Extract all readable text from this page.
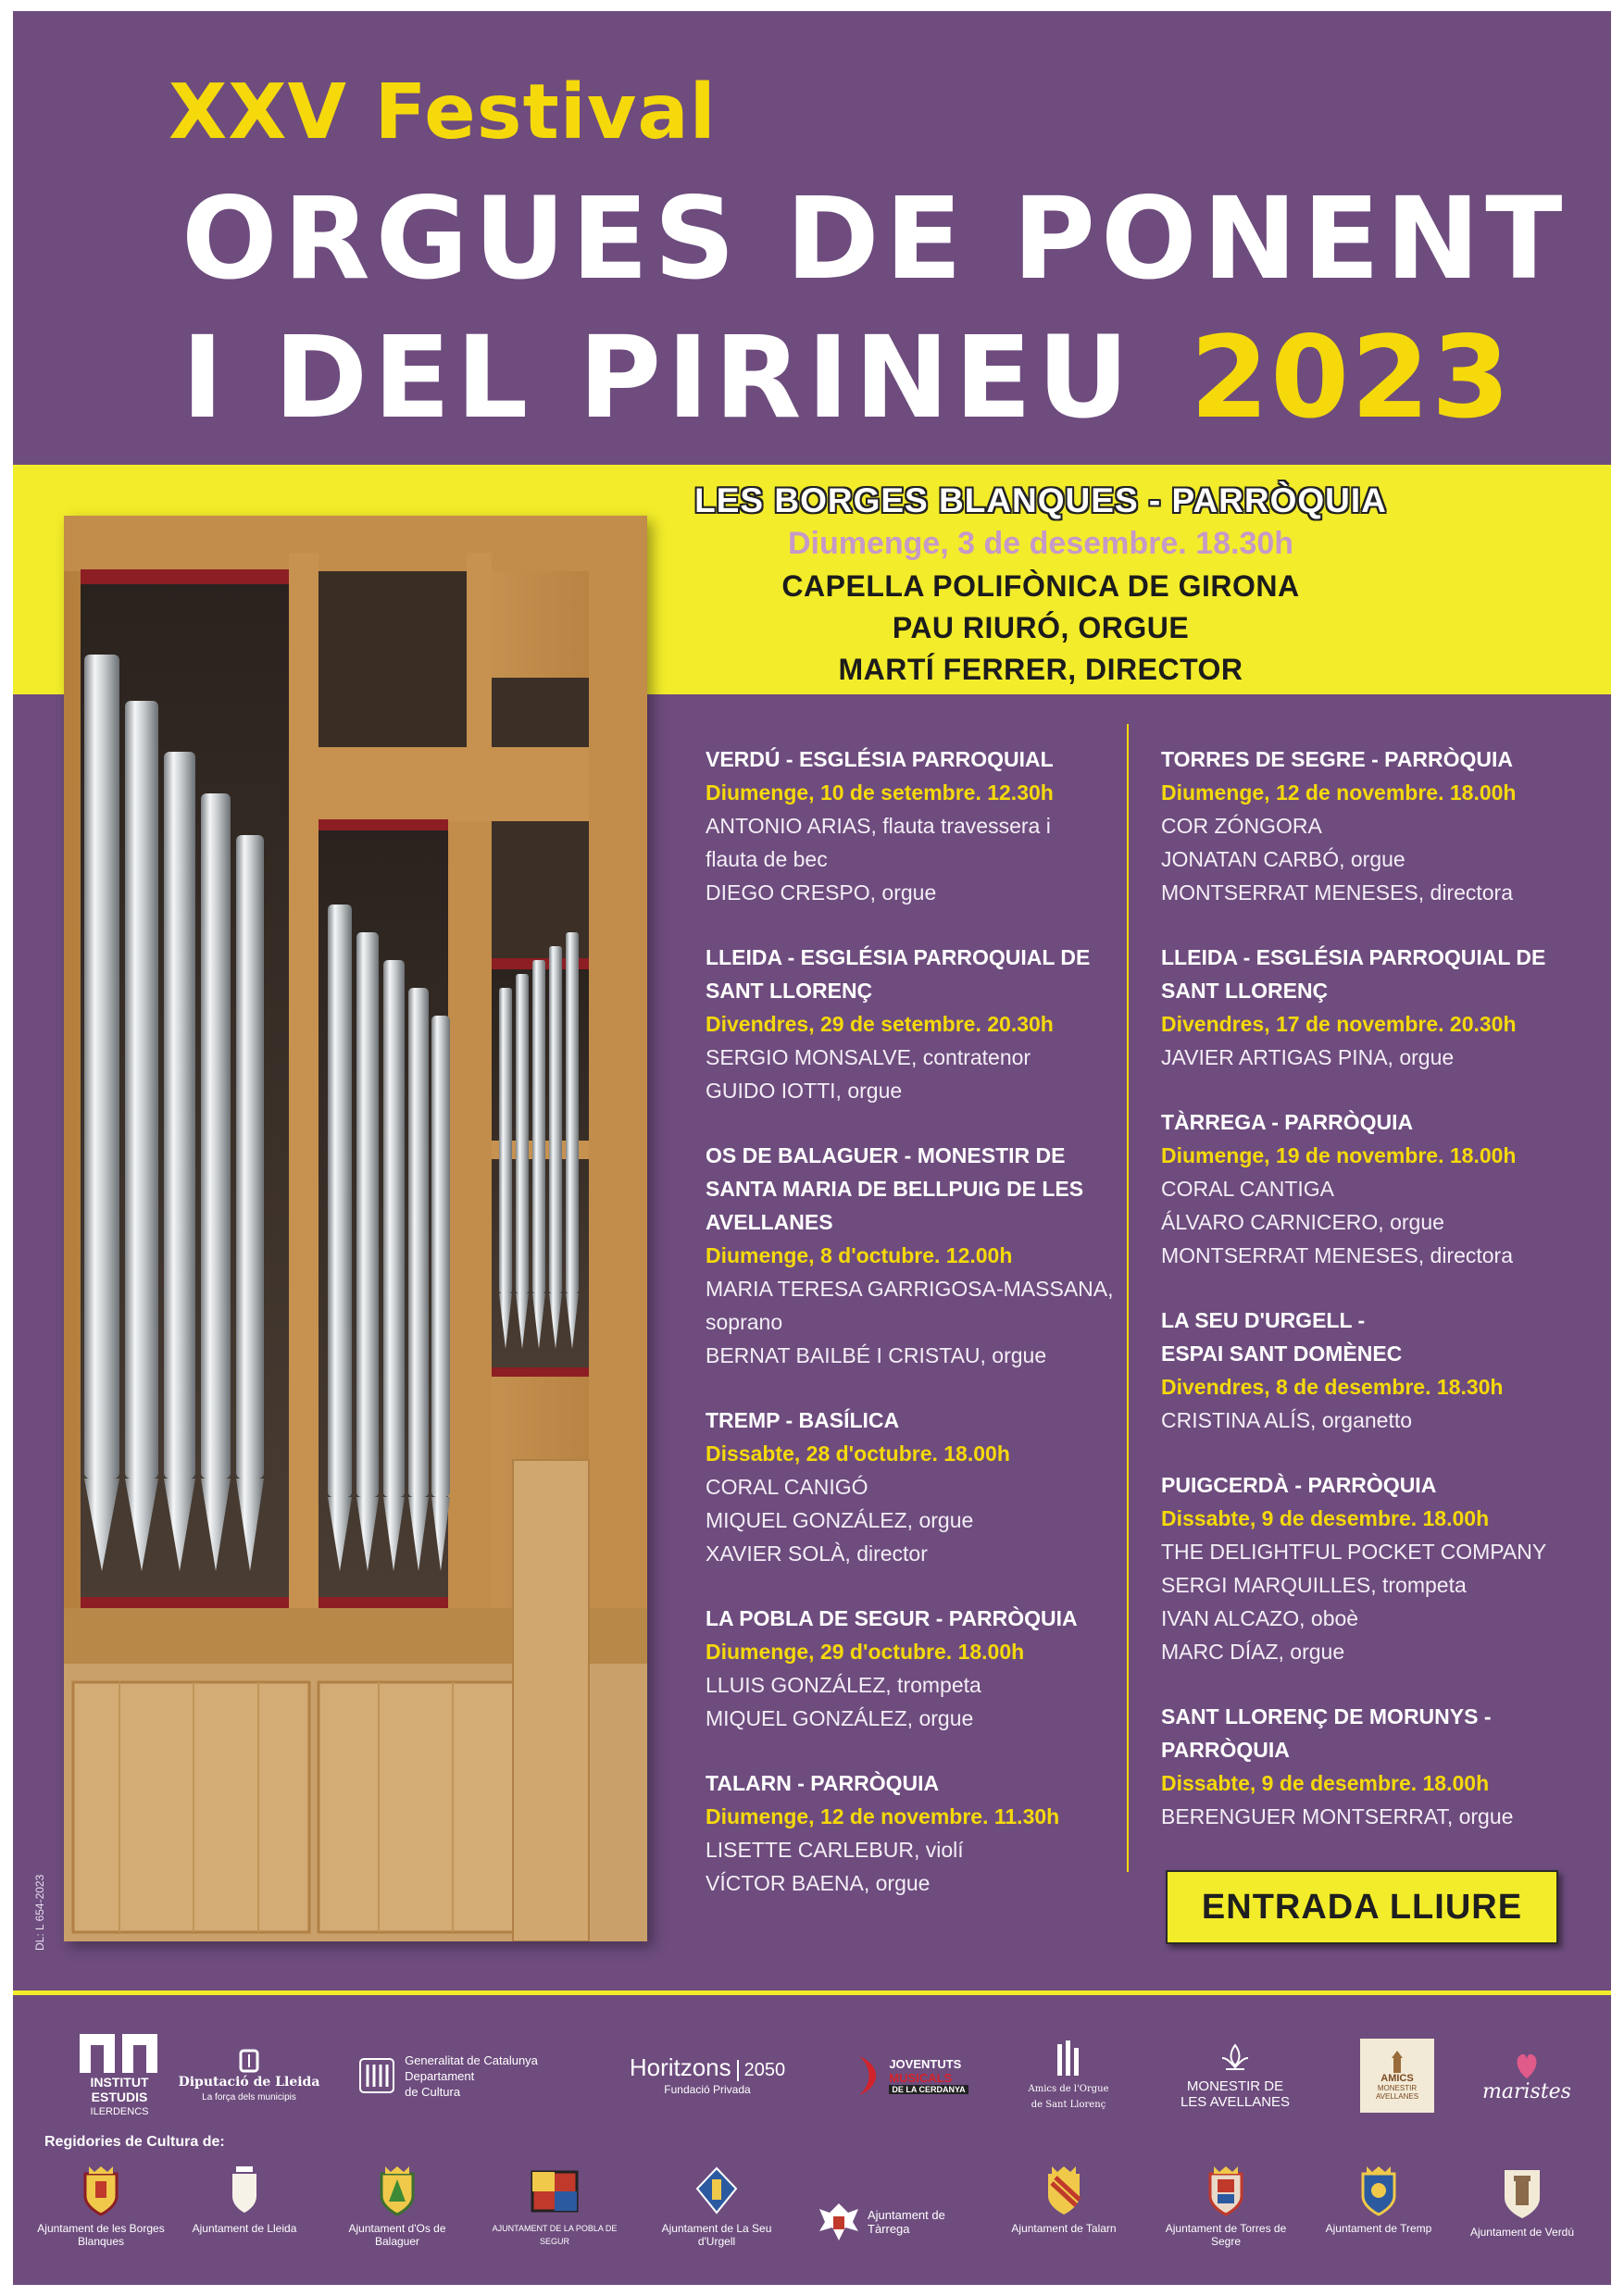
XXV Festival
ORGUES DE PONENT
I DEL PIRINEU 2023
LES BORGES BLANQUES - PARRÒQUIA
Diumenge, 3 de desembre. 18.30h
CAPELLA POLIFÒNICA DE GIRONA
PAU RIURÓ, ORGUE
MARTÍ FERRER, DIRECTOR
DL: L 654-2023
VERDÚ - ESGLÉSIA PARROQUIAL
Diumenge, 10 de setembre. 12.30h
ANTONIO ARIAS, flauta travessera i
flauta de bec
DIEGO CRESPO, orgue
LLEIDA - ESGLÉSIA PARROQUIAL DE
SANT LLORENÇ
Divendres, 29 de setembre. 20.30h
SERGIO MONSALVE, contratenor
GUIDO IOTTI, orgue
OS DE BALAGUER - MONESTIR DE
SANTA MARIA DE BELLPUIG DE LES
AVELLANES
Diumenge, 8 d'octubre. 12.00h
MARIA TERESA GARRIGOSA-MASSANA,
soprano
BERNAT BAILBÉ I CRISTAU, orgue
TREMP - BASÍLICA
Dissabte, 28 d'octubre. 18.00h
CORAL CANIGÓ
MIQUEL GONZÁLEZ, orgue
XAVIER SOLÀ, director
LA POBLA DE SEGUR - PARRÒQUIA
Diumenge, 29 d'octubre. 18.00h
LLUIS GONZÁLEZ, trompeta
MIQUEL GONZÁLEZ, orgue
TALARN - PARRÒQUIA
Diumenge, 12 de novembre. 11.30h
LISETTE CARLEBUR, violí
VÍCTOR BAENA, orgue
TORRES DE SEGRE - PARRÒQUIA
Diumenge, 12 de novembre. 18.00h
COR ZÓNGORA
JONATAN CARBÓ, orgue
MONTSERRAT MENESES, directora
LLEIDA - ESGLÉSIA PARROQUIAL DE
SANT LLORENÇ
Divendres, 17 de novembre. 20.30h
JAVIER ARTIGAS PINA, orgue
TÀRREGA - PARRÒQUIA
Diumenge, 19 de novembre. 18.00h
CORAL CANTIGA
ÁLVARO CARNICERO, orgue
MONTSERRAT MENESES, directora
LA SEU D'URGELL -
ESPAI SANT DOMÈNEC
Divendres, 8 de desembre. 18.30h
CRISTINA ALÍS, organetto
PUIGCERDÀ - PARRÒQUIA
Dissabte, 9 de desembre. 18.00h
THE DELIGHTFUL POCKET COMPANY
SERGI MARQUILLES, trompeta
IVAN ALCAZO, oboè
MARC DÍAZ, orgue
SANT LLORENÇ DE MORUNYS -
PARRÒQUIA
Dissabte, 9 de desembre. 18.00h
BERENGUER MONTSERRAT, orgue
ENTRADA LLIURE
INSTITUT
ESTUDIS
ILERDENCS
Diputació de Lleida
La força dels municipis
Generalitat de Catalunya
Departament
de Cultura
Horitzons 2050
Fundació Privada
JOVENTUTS
MUSICALS
DE LA CERDANYA	Amics de l'Orgue
de Sant Llorenç
MONESTIR DE
LES AVELLANES
AMICS
MONESTIR
AVELLANES	maristes
Regidories de Cultura de:
Ajuntament de les Borges Blanques
Ajuntament de Lleida	Ajuntament d'Os de Balaguer
AJUNTAMENT DE LA POBLA DE SEGUR
Ajuntament de La Seu d'Urgell
Ajuntament de Tàrrega	Ajuntament de Talarn	Ajuntament de Torres de Segre
Ajuntament de Tremp	Ajuntament de Verdú
